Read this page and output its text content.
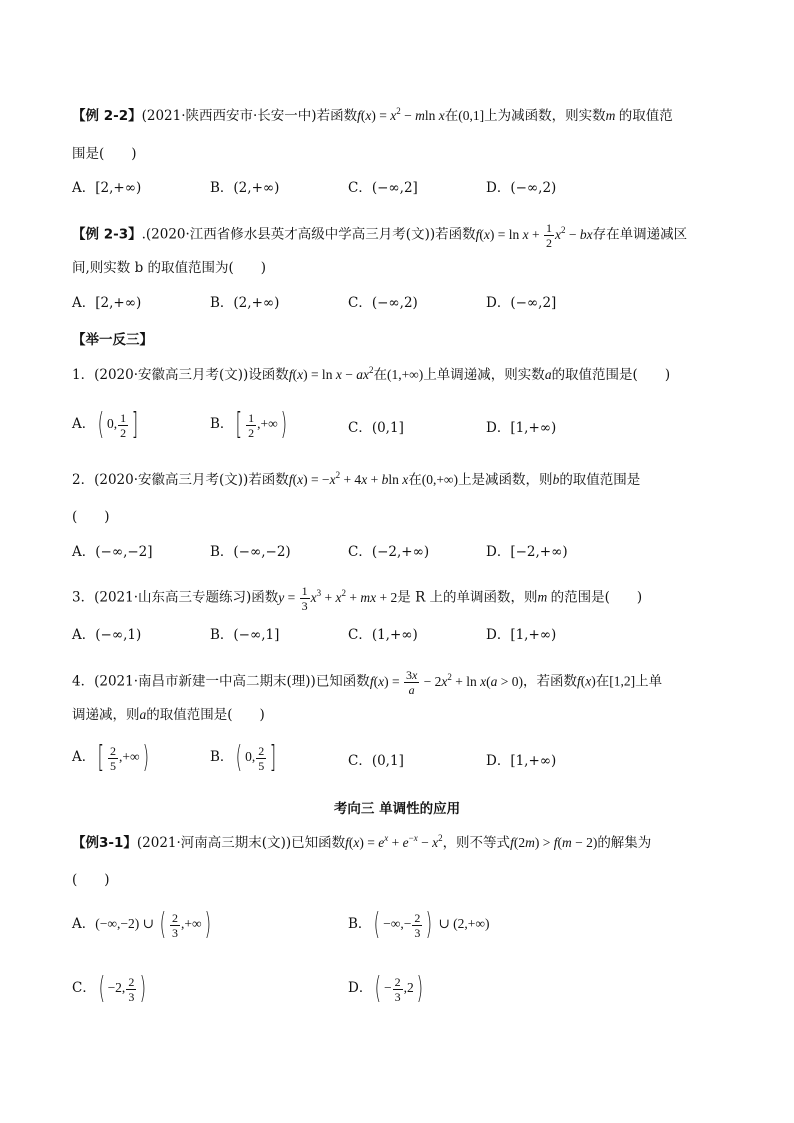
【例 2-2】(2021·陕西西安市·长安一中)若函数$f(x) = x^2 - mln$ x在(0,1]上为减函数，则实数m 的取值范
围是(　　)
A．[2,+∞)	B．(2,+∞)	C．(−∞,2]	D．(−∞,2)
【例 2-3】.(2020·江西省修水县英才高级中学高三月考(文))若函数$f(x) = \ln x + \frac{1}{2} x^2$ − bx存在单调递减区
间,则实数 b 的取值范围为(　　)
A．[2,+∞)	B．(2,+∞)	C．(−∞,2)	D．(−∞,2]
【举一反三】
1．(2020·安徽高三月考(文))设函数$f(x) = \ln x - ax^2$在(1,+∞)上单调递减，则实数a的取值范围是(　　)
A．( 0, $\frac{1}{2}$ ]	B．[ $\frac{1}{2}$ ,+∞)	C．(0,1]	D．[1,+∞)
2．(2020·安徽高三月考(文))若函数$f(x) = -x^2 + 4x + bln$ x在(0,+∞)上是减函数，则b的取值范围是
(　　)
A．(−∞,−2]	B．(−∞,−2)	C．(−2,+∞)	D．[−2,+∞)
3．(2021·山东高三专题练习)函数$y = \frac{1}{3} x^3 + x^2$ + mx + 2是 R 上的单调函数，则m 的范围是(　　)
A．(−∞,1)	B．(−∞,1]	C．(1,+∞)	D．[1,+∞)
4．(2021·南昌市新建一中高二期末(理))已知函数$f(x) = \frac{3x}{a} - 2x^2 + \ln x(a > 0)$，若函数f(x)在[1,2]上单
调递减，则a的取值范围是(　　)
A．[ $\frac{2}{5}$ ,+∞)	B．( 0, $\frac{2}{5}$ ]	C．(0,1]	D．[1,+∞)
考向三 单调性的应用
【例3-1】(2021·河南高三期末(文))已知函数$f(x) = e^x + e^{-x} - x^2$，则不等式f(2m) > f(m − 2)的解集为
(　　)
A．(−∞,−2) ∪ ( $\frac{2}{3}$ ,+∞)	B．( −∞,− $\frac{2}{3}$ ) ∪ (2,+∞)
C．( −2, $\frac{2}{3}$ )	D．( − $\frac{2}{3} ,2$)
